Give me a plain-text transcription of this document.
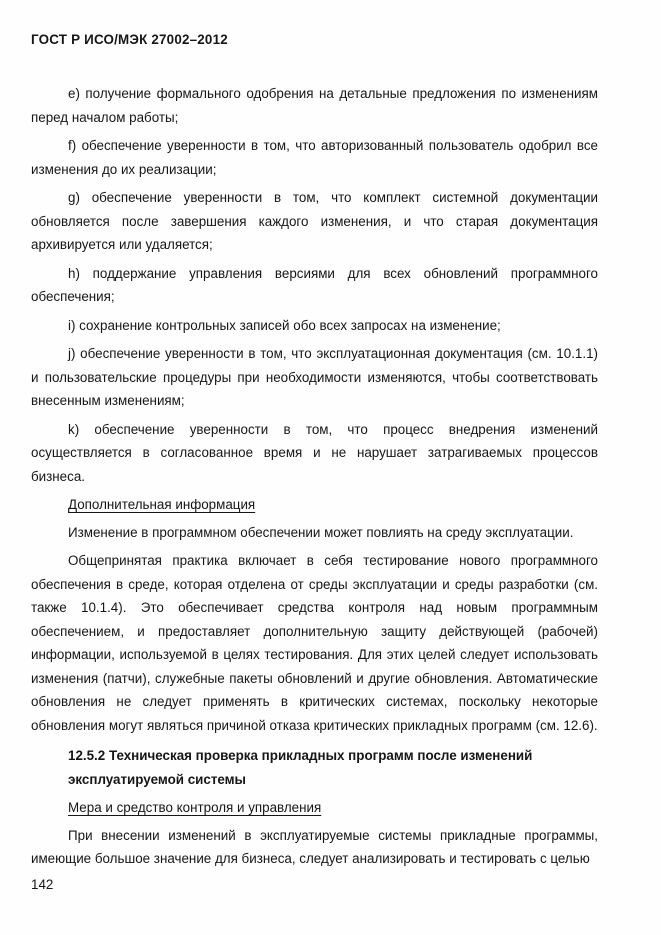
ГОСТ Р ИСО/МЭК 27002–2012

e) получение формального одобрения на детальные предложения по изменениям перед началом работы;

f) обеспечение уверенности в том, что авторизованный пользователь одобрил все изменения до их реализации;

g) обеспечение уверенности в том, что комплект системной документации обновляется после завершения каждого изменения, и что старая документация архивируется или удаляется;

h) поддержание управления версиями для всех обновлений программного обеспечения;

i) сохранение контрольных записей обо всех запросах на изменение;

j) обеспечение уверенности в том, что эксплуатационная документация (см. 10.1.1) и пользовательские процедуры при необходимости изменяются, чтобы соответствовать внесенным изменениям;

k) обеспечение уверенности в том, что процесс внедрения изменений осуществляется в согласованное время и не нарушает затрагиваемых процессов бизнеса.

Дополнительная информация

Изменение в программном обеспечении может повлиять на среду эксплуатации.

Общепринятая практика включает в себя тестирование нового программного обеспечения в среде, которая отделена от среды эксплуатации и среды разработки (см. также 10.1.4). Это обеспечивает средства контроля над новым программным обеспечением, и предоставляет дополнительную защиту действующей (рабочей) информации, используемой в целях тестирования. Для этих целей следует использовать изменения (патчи), служебные пакеты обновлений и другие обновления. Автоматические обновления не следует применять в критических системах, поскольку некоторые обновления могут являться причиной отказа критических прикладных программ (см. 12.6).

12.5.2 Техническая проверка прикладных программ после изменений эксплуатируемой системы

Мера и средство контроля и управления

При внесении изменений в эксплуатируемые системы прикладные программы, имеющие большое значение для бизнеса, следует анализировать и тестировать с целью

142
